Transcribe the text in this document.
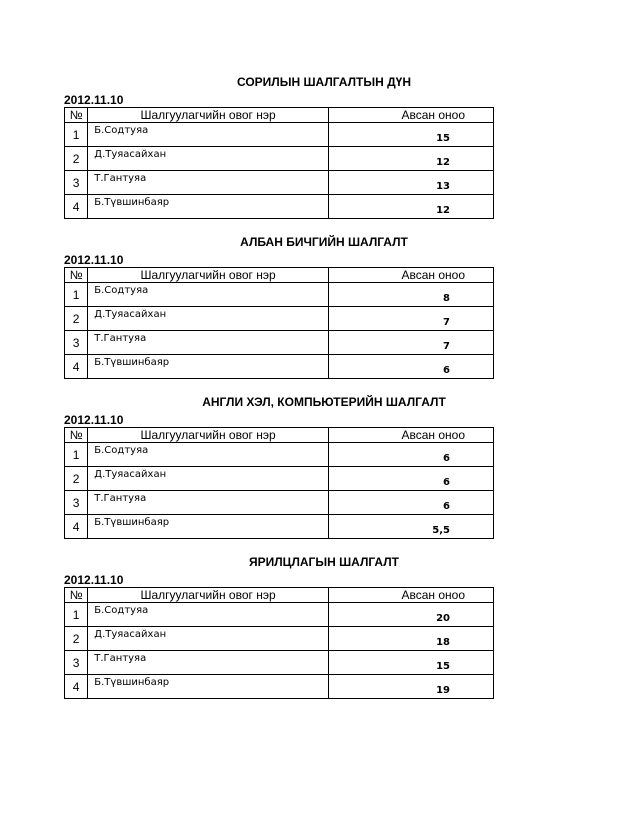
СОРИЛЫН ШАЛГАЛТЫН ДҮН
2012.11.10
№	Шалгуулагчийн овог нэр	Авсан оноо
1	Б.Содтуяа	15
2	Д.Туяасайхан	12
3	Т.Гантуяа	13
4	Б.Түвшинбаяр	12
АЛБАН БИЧГИЙН ШАЛГАЛТ
2012.11.10
№	Шалгуулагчийн овог нэр	Авсан оноо
1	Б.Содтуяа	8
2	Д.Туяасайхан	7
3	Т.Гантуяа	7
4	Б.Түвшинбаяр	6
АНГЛИ ХЭЛ, КОМПЬЮТЕРИЙН ШАЛГАЛТ
2012.11.10
№	Шалгуулагчийн овог нэр	Авсан оноо
1	Б.Содтуяа	6
2	Д.Туяасайхан	6
3	Т.Гантуяа	6
4	Б.Түвшинбаяр	5,5
ЯРИЛЦЛАГЫН ШАЛГАЛТ
2012.11.10
№	Шалгуулагчийн овог нэр	Авсан оноо
1	Б.Содтуяа	20
2	Д.Туяасайхан	18
3	Т.Гантуяа	15
4	Б.Түвшинбаяр	19
